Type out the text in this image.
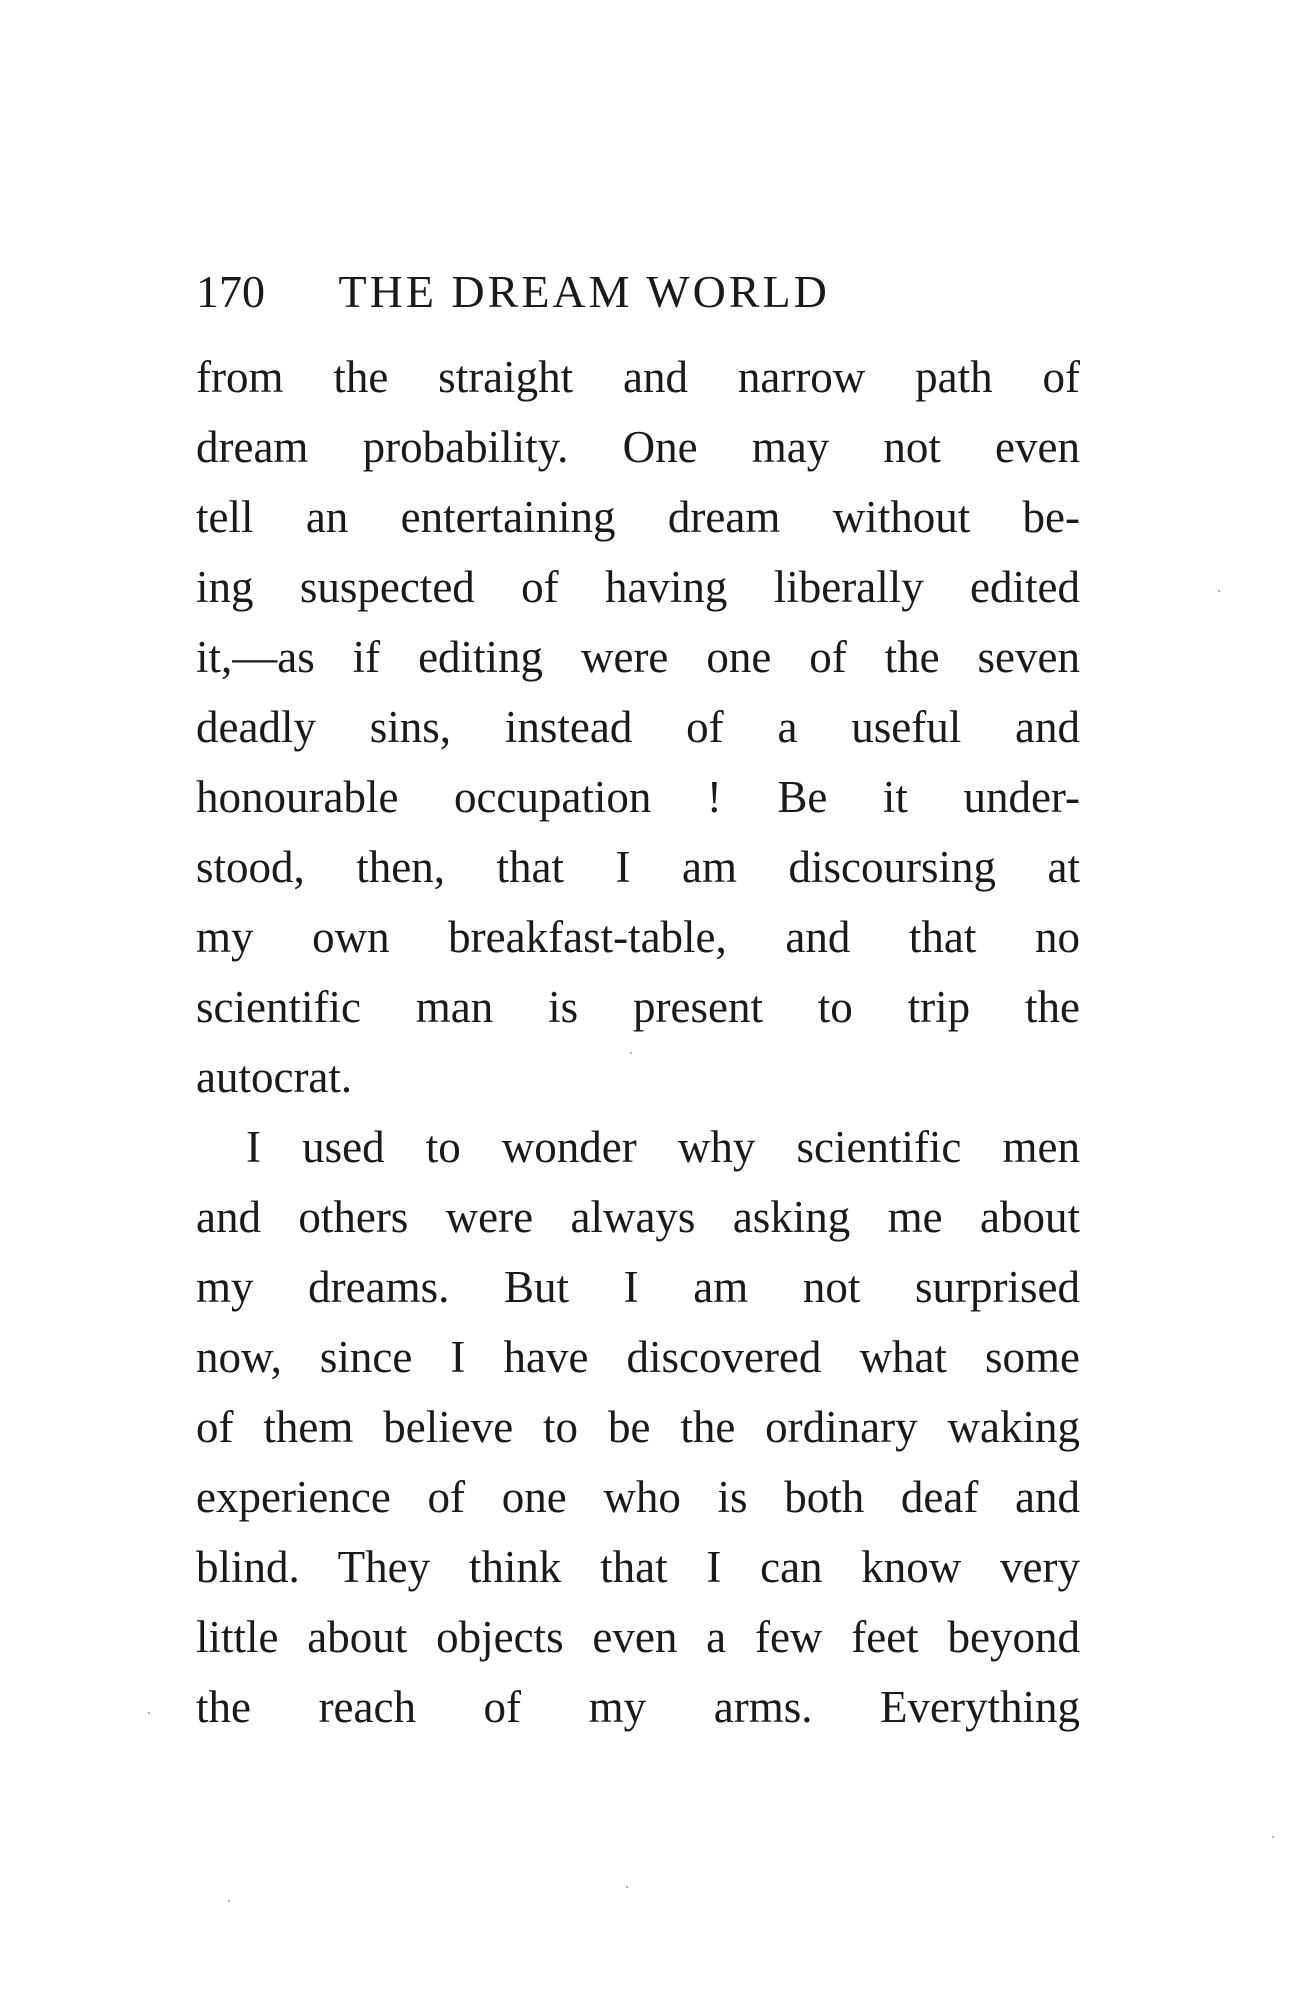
170 THE DREAM WORLD
from the straight and narrow path of
dream probability. One may not even
tell an entertaining dream without be-
ing suspected of having liberally edited
it,—as if editing were one of the seven
deadly sins, instead of a useful and
honourable occupation ! Be it under-
stood, then, that I am discoursing at
my own breakfast-table, and that no
scientific man is present to trip the
autocrat.
I used to wonder why scientific men
and others were always asking me about
my dreams. But I am not surprised
now, since I have discovered what some
of them believe to be the ordinary waking
experience of one who is both deaf and
blind. They think that I can know very
little about objects even a few feet beyond
the reach of my arms. Everything
